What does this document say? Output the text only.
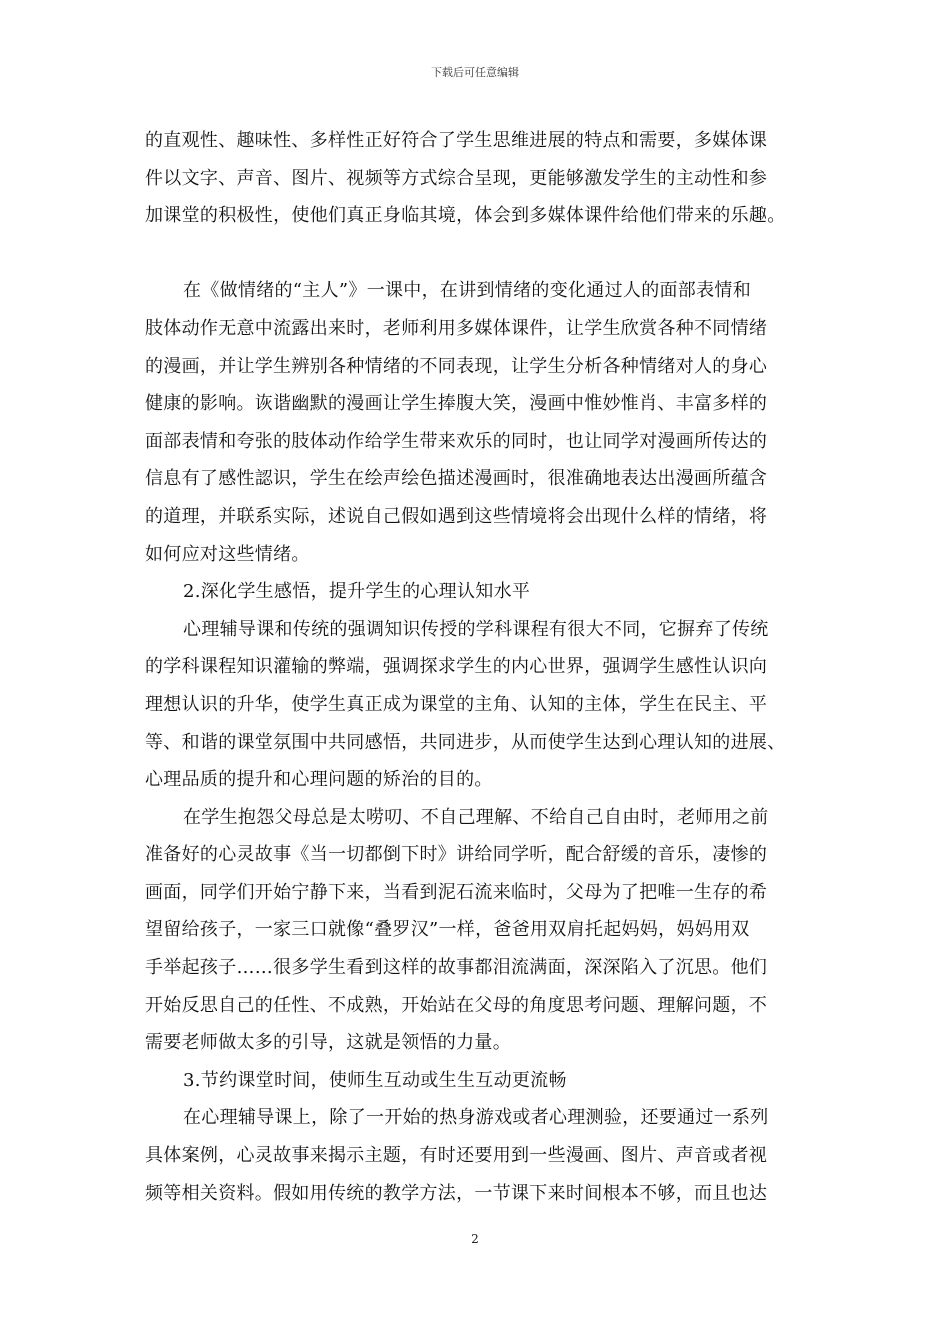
下载后可任意编辑
的直观性、趣味性、多样性正好符合了学生思维进展的特点和需要，多媒体课
件以文字、声音、图片、视频等方式综合呈现，更能够激发学生的主动性和参
加课堂的积极性，使他们真正身临其境，体会到多媒体课件给他们带来的乐趣。
在《做情绪的“主人”》一课中，在讲到情绪的变化通过人的面部表情和
肢体动作无意中流露出来时，老师利用多媒体课件，让学生欣赏各种不同情绪
的漫画，并让学生辨别各种情绪的不同表现，让学生分析各种情绪对人的身心
健康的影响。诙谐幽默的漫画让学生捧腹大笑，漫画中惟妙惟肖、丰富多样的
面部表情和夸张的肢体动作给学生带来欢乐的同时，也让同学对漫画所传达的
信息有了感性認识，学生在绘声绘色描述漫画时，很准确地表达出漫画所蕴含
的道理，并联系实际，述说自己假如遇到这些情境将会出现什么样的情绪，将
如何应对这些情绪。
2.深化学生感悟，提升学生的心理认知水平
心理辅导课和传统的强调知识传授的学科课程有很大不同，它摒弃了传统
的学科课程知识灌输的弊端，强调探求学生的内心世界，强调学生感性认识向
理想认识的升华，使学生真正成为课堂的主角、认知的主体，学生在民主、平
等、和谐的课堂氛围中共同感悟，共同进步，从而使学生达到心理认知的进展、
心理品质的提升和心理问题的矫治的目的。
在学生抱怨父母总是太唠叨、不自己理解、不给自己自由时，老师用之前
准备好的心灵故事《当一切都倒下时》讲给同学听，配合舒缓的音乐，凄惨的
画面，同学们开始宁静下来，当看到泥石流来临时，父母为了把唯一生存的希
望留给孩子，一家三口就像“叠罗汉”一样，爸爸用双肩托起妈妈，妈妈用双
手举起孩子……很多学生看到这样的故事都泪流满面，深深陷入了沉思。他们
开始反思自己的任性、不成熟，开始站在父母的角度思考问题、理解问题，不
需要老师做太多的引导，这就是领悟的力量。
3.节约课堂时间，使师生互动或生生互动更流畅
在心理辅导课上，除了一开始的热身游戏或者心理测验，还要通过一系列
具体案例，心灵故事来揭示主题，有时还要用到一些漫画、图片、声音或者视
频等相关资料。假如用传统的教学方法，一节课下来时间根本不够，而且也达
2
